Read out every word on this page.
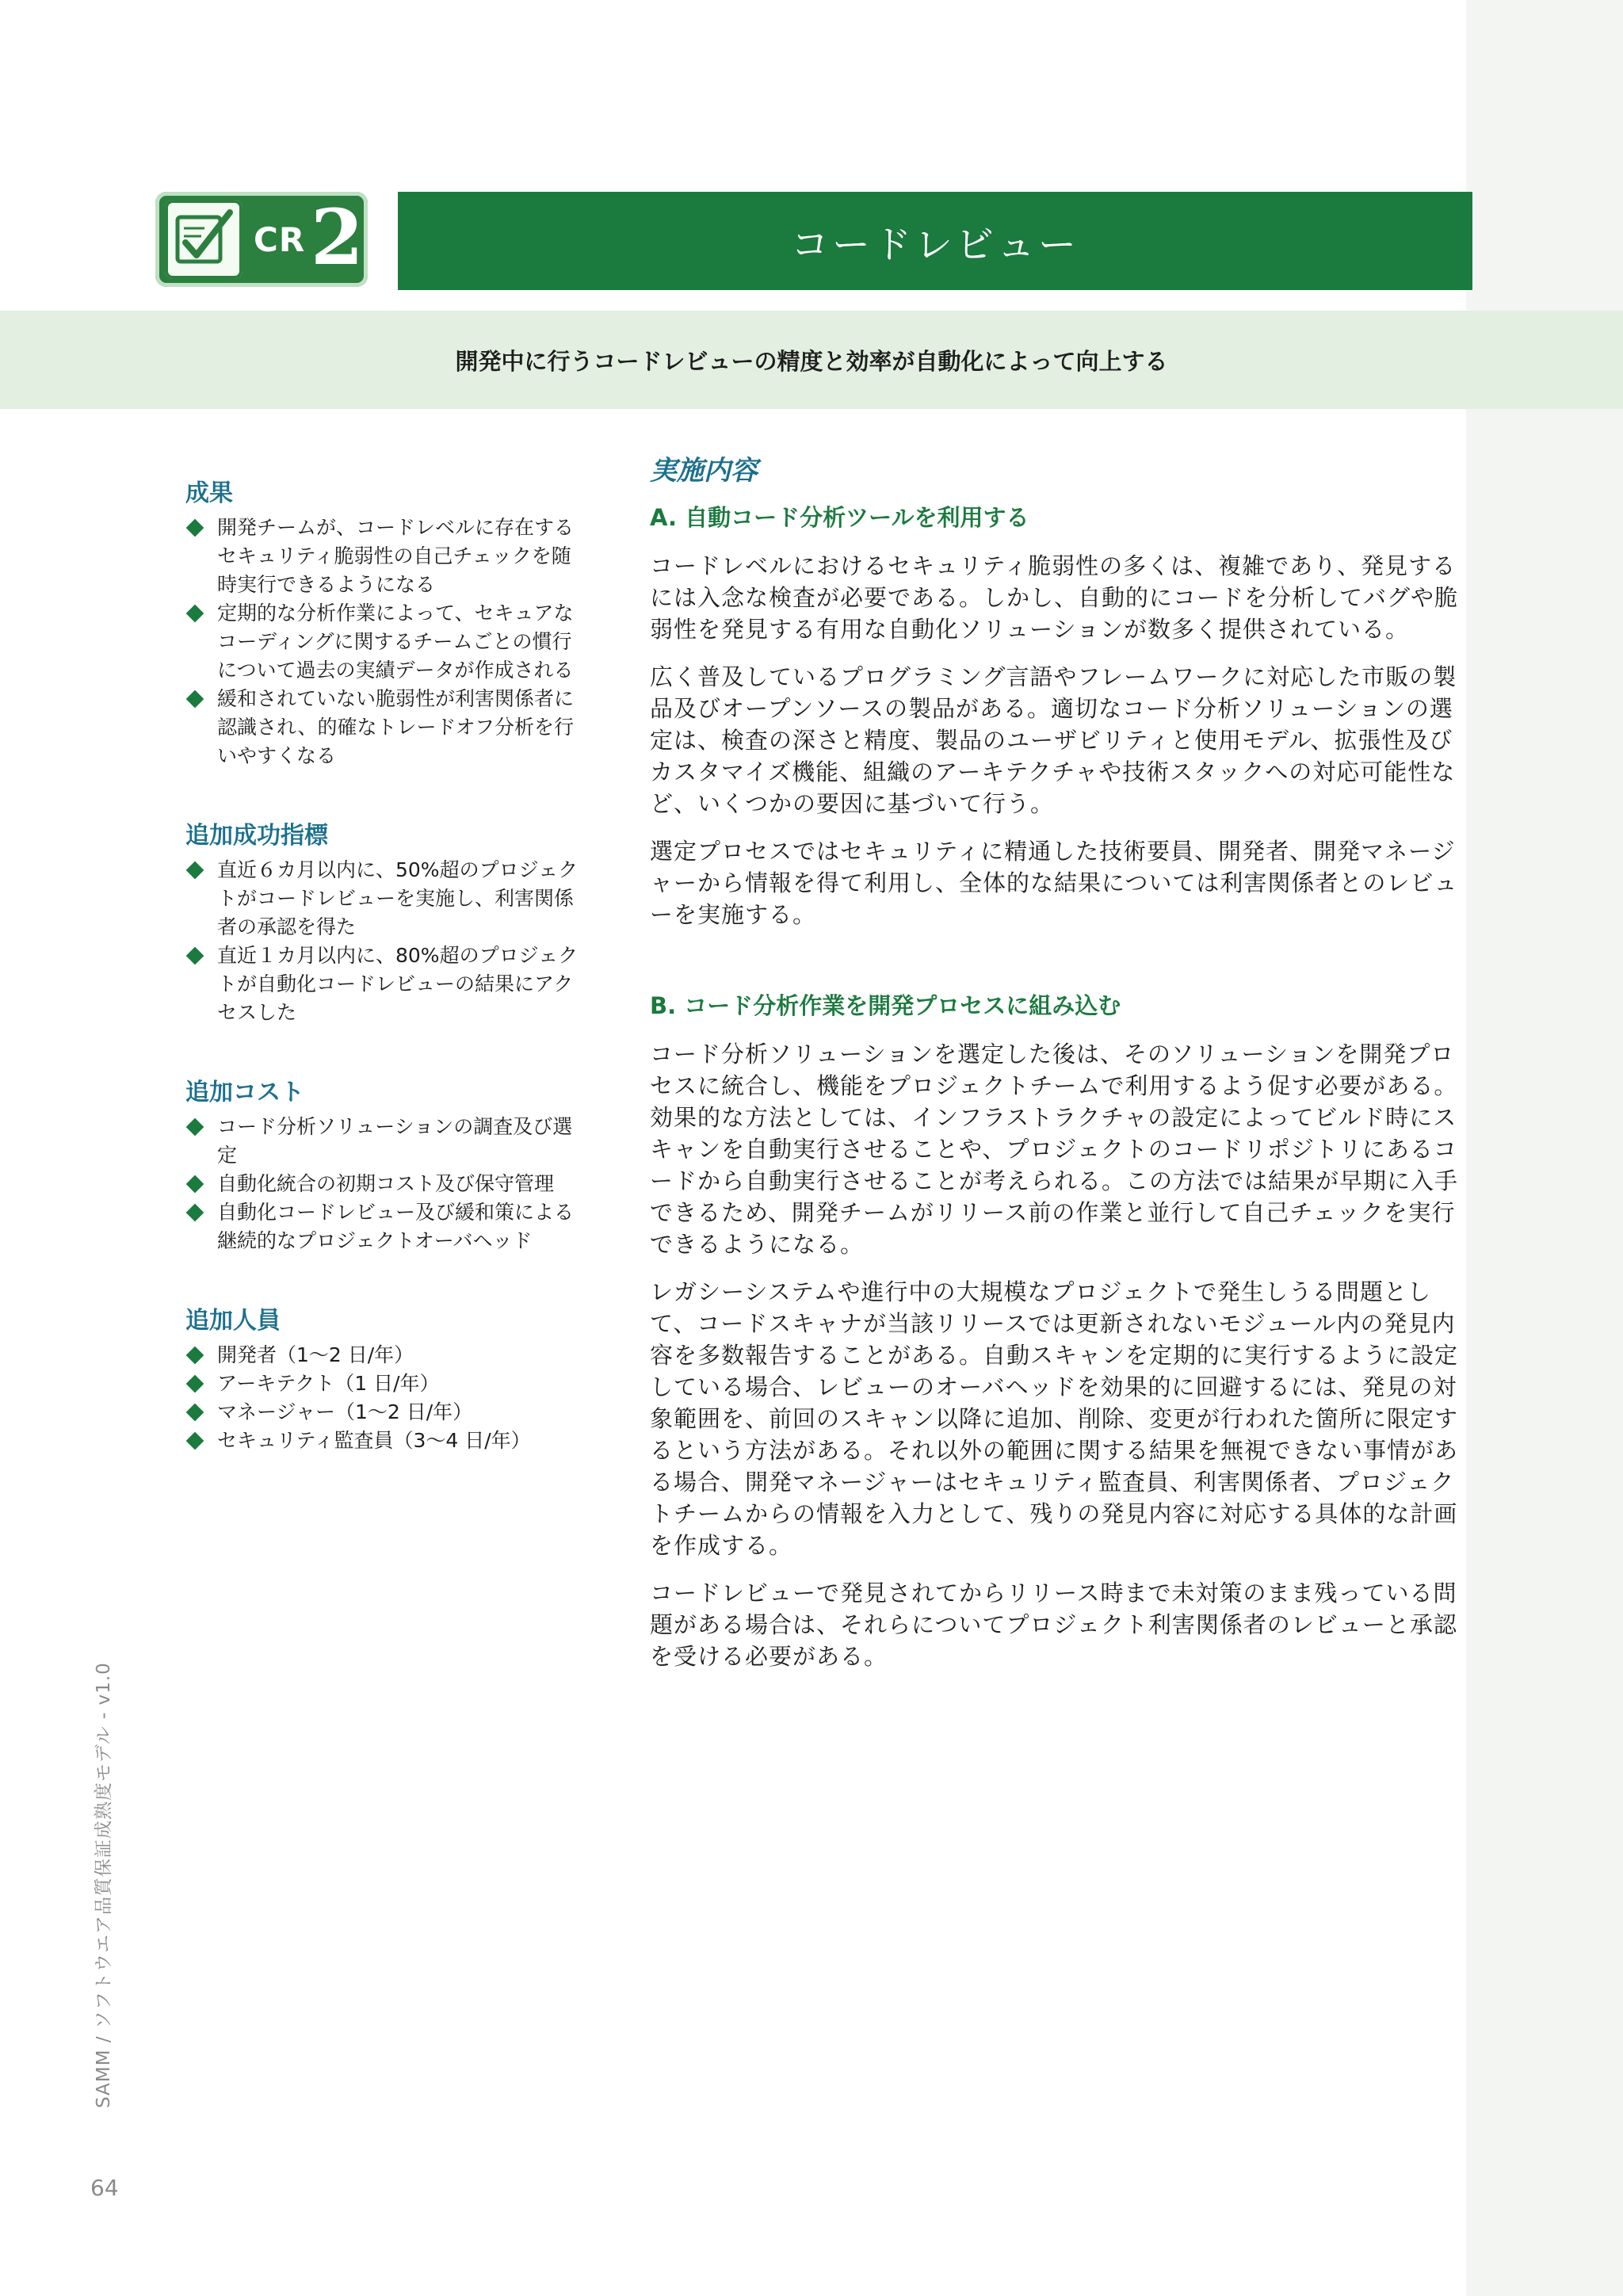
CR 2	コードレビュー
開発中に行うコードレビューの精度と効率が自動化によって向上する
成果
開発チームが、コードレベルに存在するセキュリティ脆弱性の自己チェックを随時実行できるようになる
定期的な分析作業によって、セキュアなコーディングに関するチームごとの慣行について過去の実績データが作成される
緩和されていない脆弱性が利害関係者に認識され、的確なトレードオフ分析を行いやすくなる
追加成功指標
直近６カ月以内に、50%超のプロジェクトがコードレビューを実施し、利害関係者の承認を得た
直近１カ月以内に、80%超のプロジェクトが自動化コードレビューの結果にアクセスした
追加コスト
コード分析ソリューションの調査及び選定
自動化統合の初期コスト及び保守管理
自動化コードレビュー及び緩和策による継続的なプロジェクトオーバヘッド
追加人員
開発者（1〜2 日/年）
アーキテクト（1 日/年）
マネージャー（1〜2 日/年）
セキュリティ監査員（3〜4 日/年）
実施内容
A. 自動コード分析ツールを利用する

コードレベルにおけるセキュリティ脆弱性の多くは、複雑であり、発見するには入念な検査が必要である。しかし、自動的にコードを分析してバグや脆弱性を発見する有用な自動化ソリューションが数多く提供されている。

広く普及しているプログラミング言語やフレームワークに対応した市販の製品及びオープンソースの製品がある。適切なコード分析ソリューションの選定は、検査の深さと精度、製品のユーザビリティと使用モデル、拡張性及びカスタマイズ機能、組織のアーキテクチャや技術スタックへの対応可能性など、いくつかの要因に基づいて行う。

選定プロセスではセキュリティに精通した技術要員、開発者、開発マネージャーから情報を得て利用し、全体的な結果については利害関係者とのレビューを実施する。

B. コード分析作業を開発プロセスに組み込む

コード分析ソリューションを選定した後は、そのソリューションを開発プロセスに統合し、機能をプロジェクトチームで利用するよう促す必要がある。効果的な方法としては、インフラストラクチャの設定によってビルド時にスキャンを自動実行させることや、プロジェクトのコードリポジトリにあるコードから自動実行させることが考えられる。この方法では結果が早期に入手できるため、開発チームがリリース前の作業と並行して自己チェックを実行できるようになる。

レガシーシステムや進行中の大規模なプロジェクトで発生しうる問題として、コードスキャナが当該リリースでは更新されないモジュール内の発見内容を多数報告することがある。自動スキャンを定期的に実行するように設定している場合、レビューのオーバヘッドを効果的に回避するには、発見の対象範囲を、前回のスキャン以降に追加、削除、変更が行われた箇所に限定するという方法がある。それ以外の範囲に関する結果を無視できない事情がある場合、開発マネージャーはセキュリティ監査員、利害関係者、プロジェクトチームからの情報を入力として、残りの発見内容に対応する具体的な計画を作成する。

コードレビューで発見されてからリリース時まで未対策のまま残っている問題がある場合は、それらについてプロジェクト利害関係者のレビューと承認を受ける必要がある。

SAMM / ソフトウエア品質保証成熟度モデル - v1.0
64
